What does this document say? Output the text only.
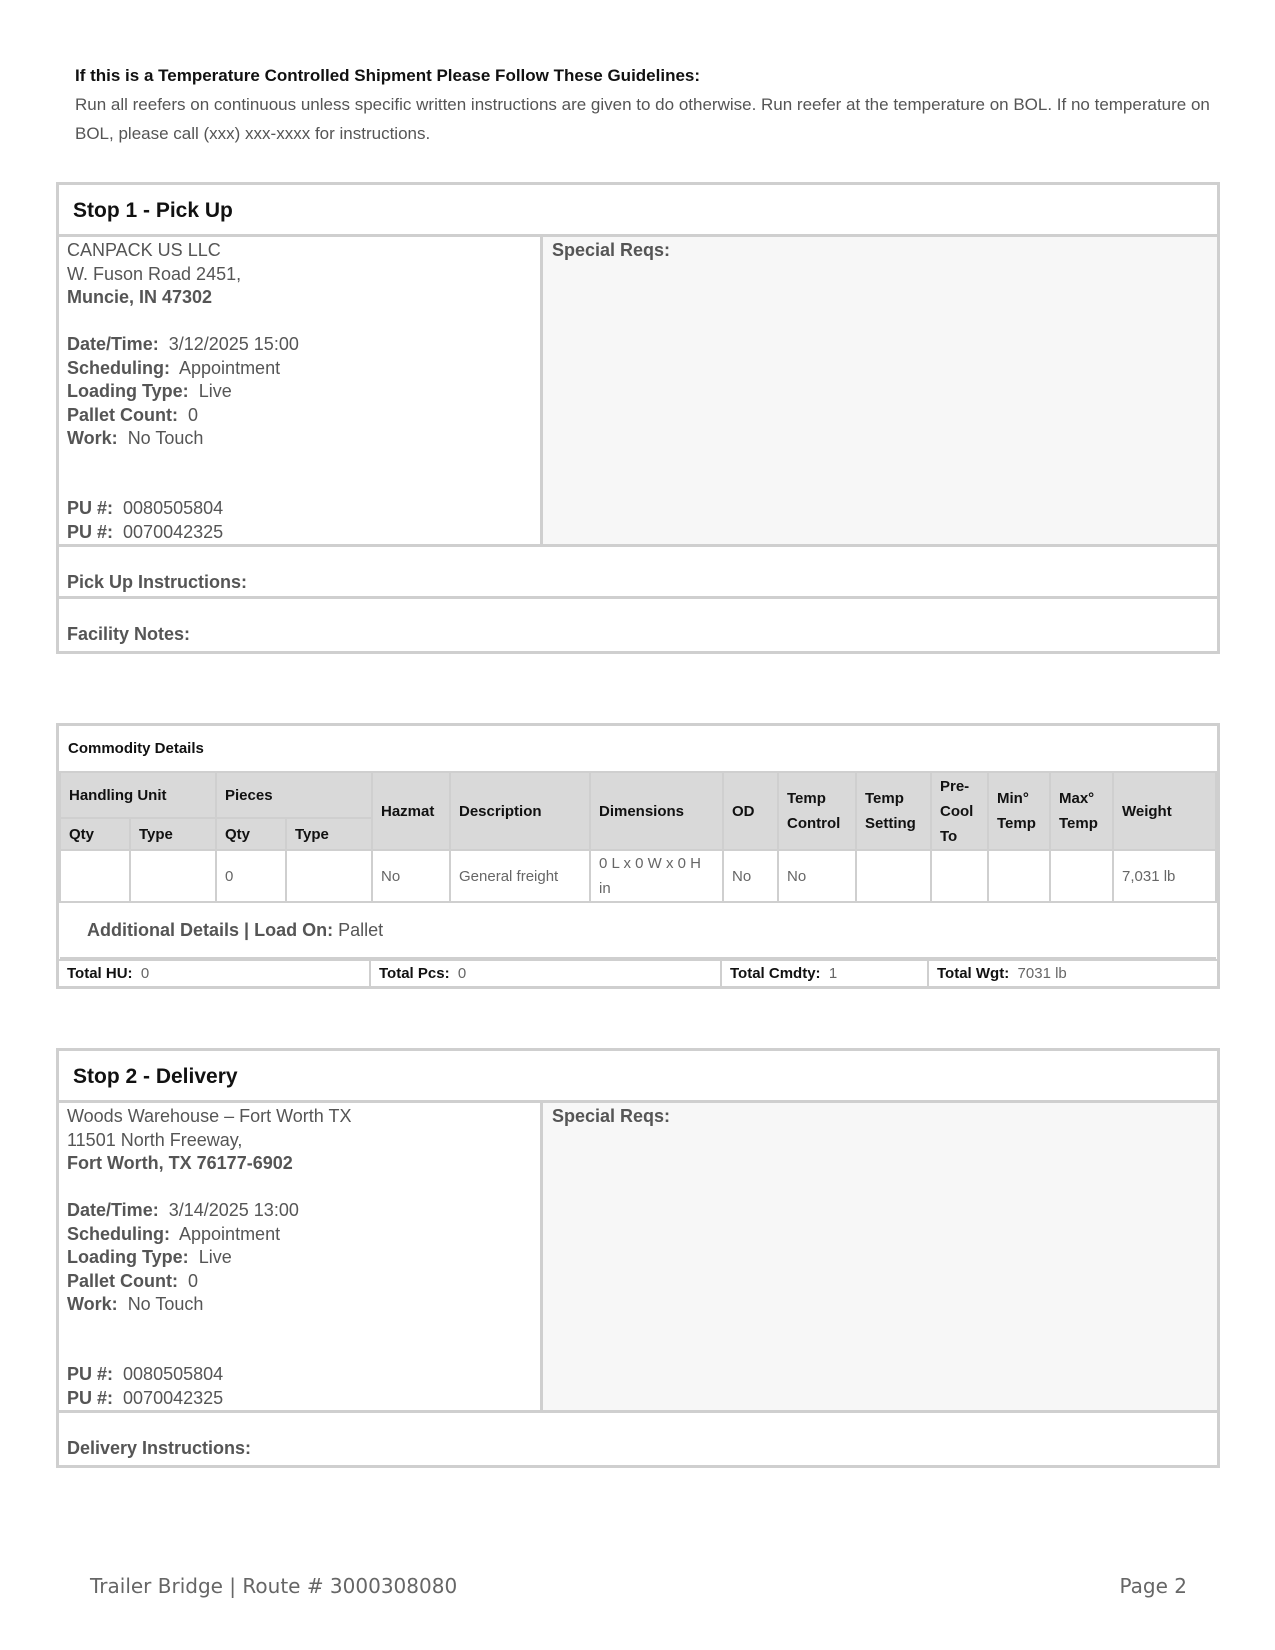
If this is a Temperature Controlled Shipment Please Follow These Guidelines:
Run all reefers on continuous unless specific written instructions are given to do otherwise. Run reefer at the temperature on BOL. If no temperature on BOL, please call (xxx) xxx-xxxx for instructions.
Stop 1 - Pick Up
CANPACK US LLC
W. Fuson Road 2451,
Muncie, IN 47302
Date/Time: 3/12/2025 15:00
Scheduling: Appointment
Loading Type: Live
Pallet Count: 0
Work: No Touch
PU #: 0080505804
PU #: 0070042325
Special Reqs:
Pick Up Instructions:
Facility Notes:
Commodity Details													
Handling Unit		Pieces		Hazmat	Description	Dimensions	OD	Temp Control	Temp Setting	Pre-Cool To	Min° Temp	Max° Temp	Weight
Qty	Type	Qty	Type										
		0		No	General freight	0 L x 0 W x 0 H in	No	No					7,031 lb
Additional Details | Load On: Pallet													
Total HU: 0	Total Pcs: 0	Total Cmdty: 1	Total Wgt: 7031 lb
Stop 2 - Delivery
Woods Warehouse – Fort Worth TX
11501 North Freeway,
Fort Worth, TX 76177-6902
Date/Time: 3/14/2025 13:00
Scheduling: Appointment
Loading Type: Live
Pallet Count: 0
Work: No Touch
PU #: 0080505804
PU #: 0070042325
Special Reqs:
Delivery Instructions:
Trailer Bridge | Route # 3000308080	Page 2
